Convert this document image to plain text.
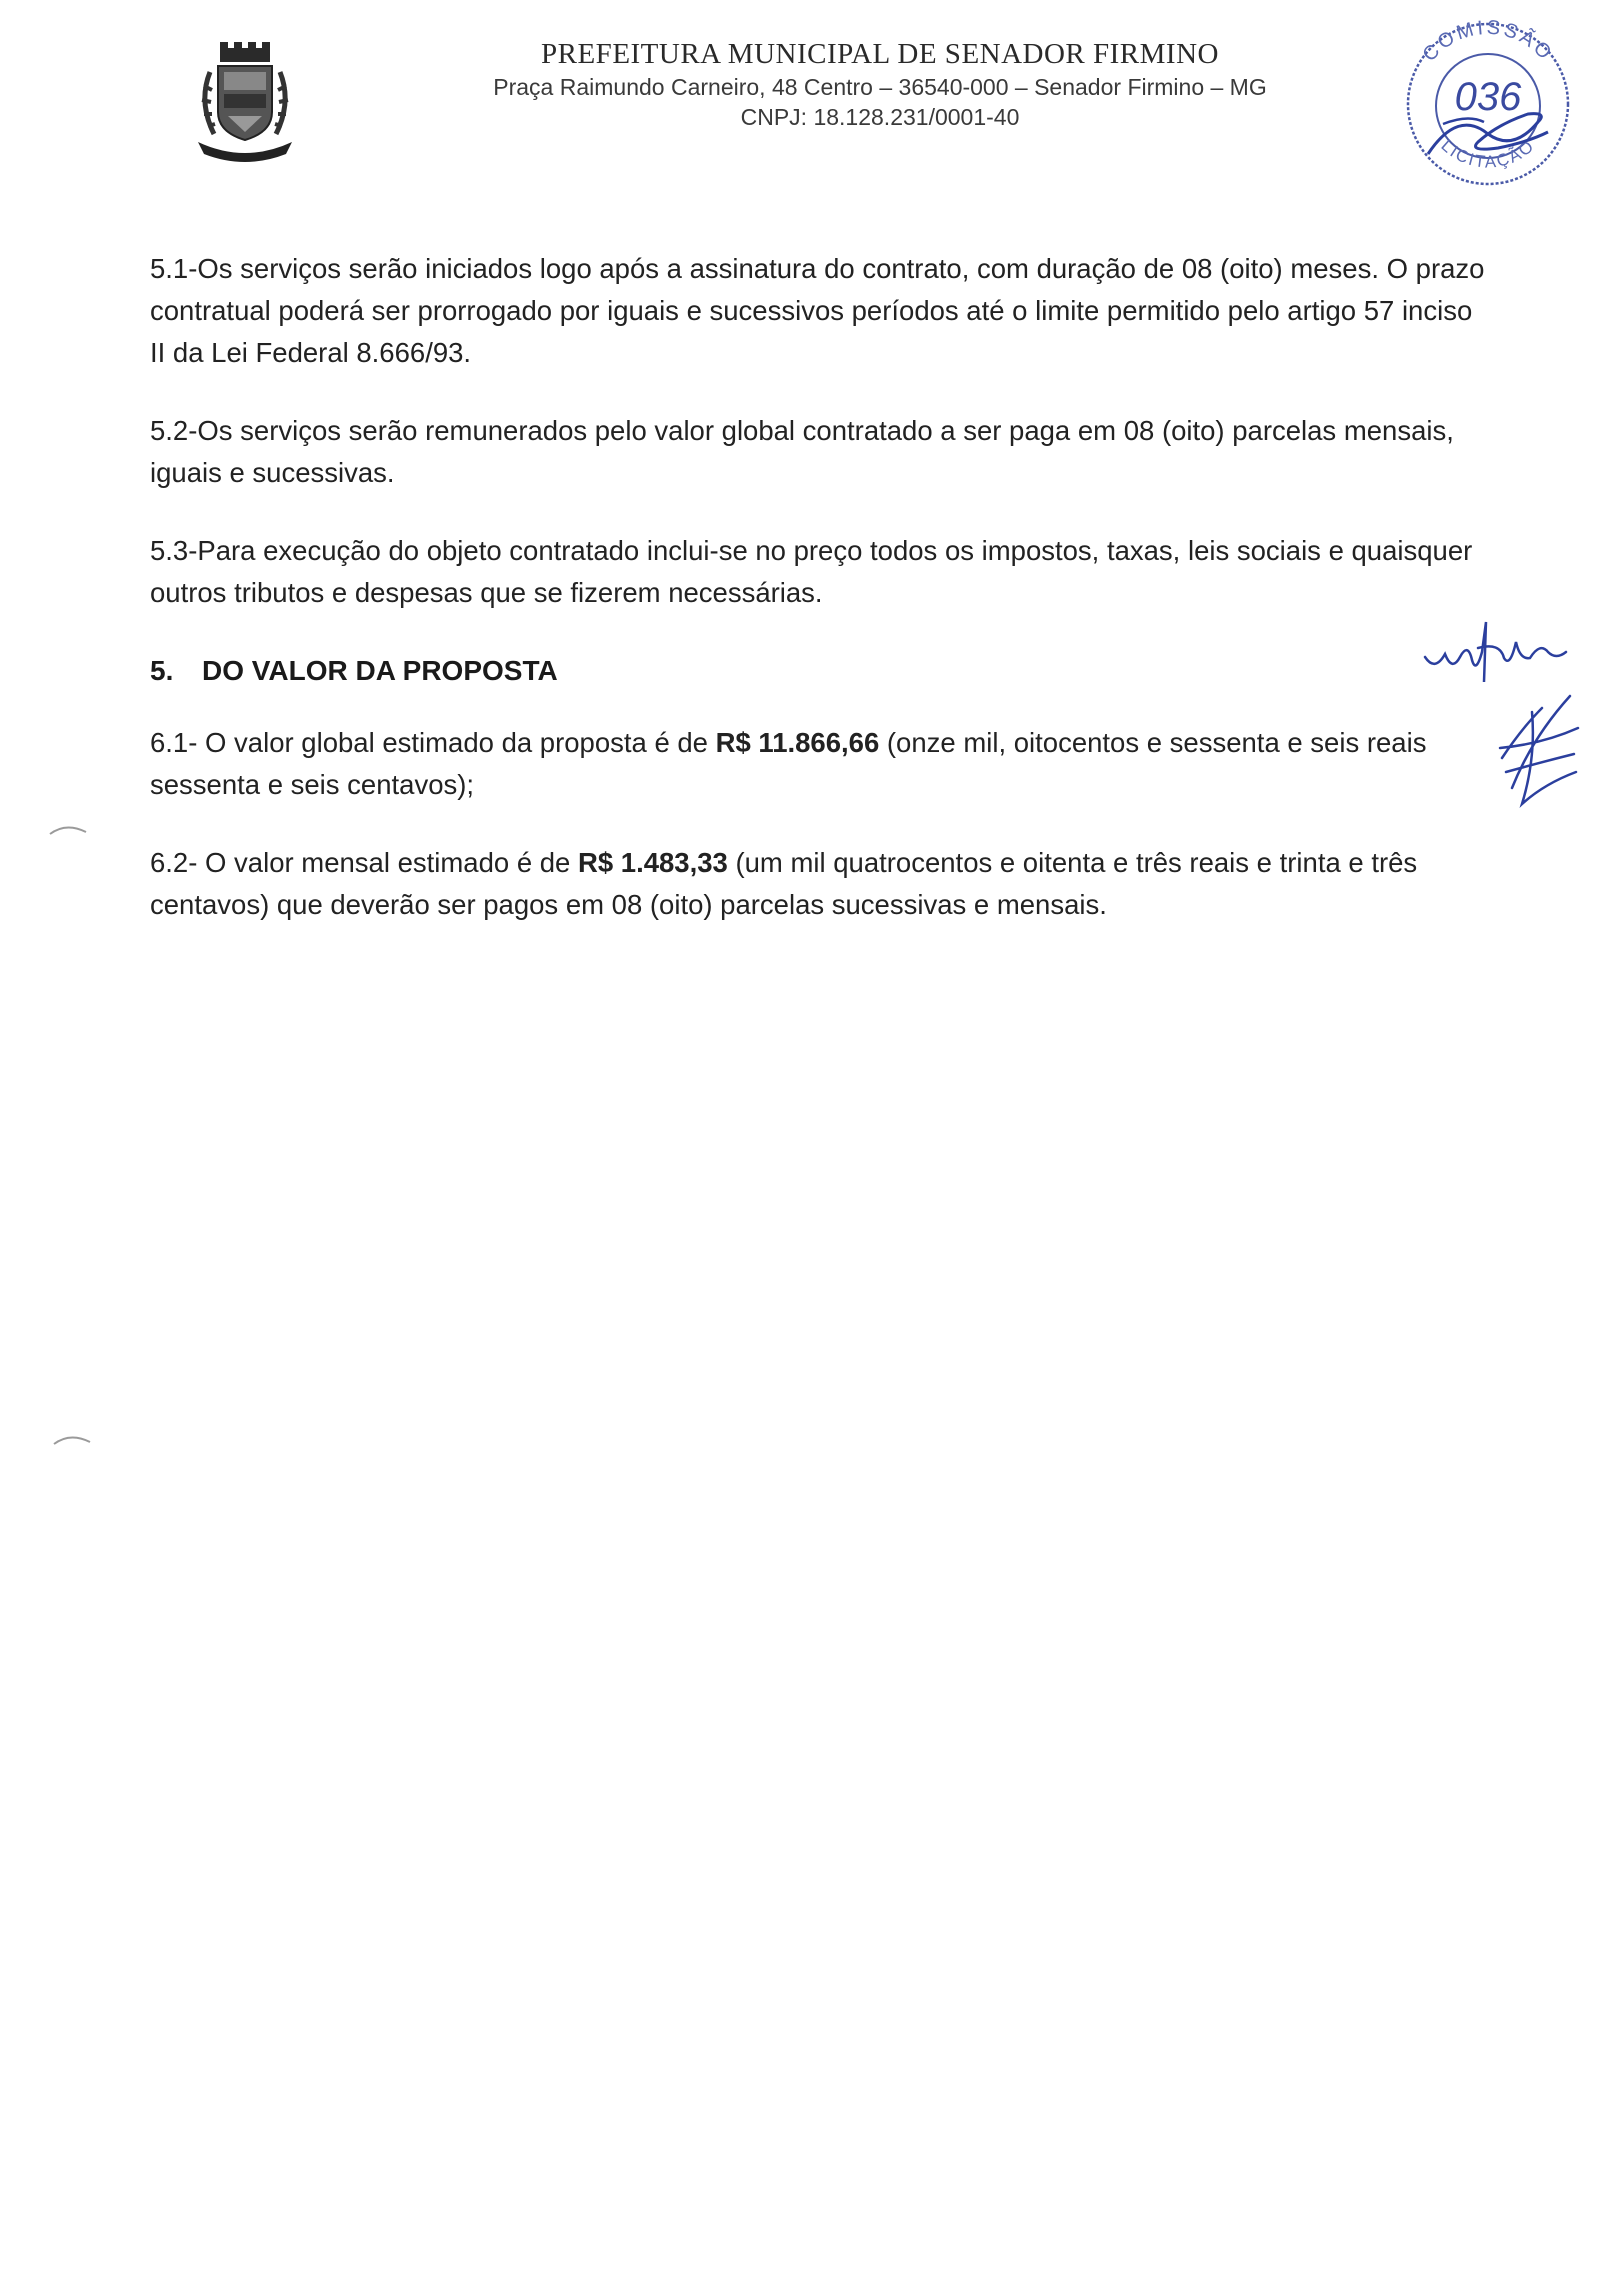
PREFEITURA MUNICIPAL DE SENADOR FIRMINO
Praça Raimundo Carneiro, 48 Centro – 36540-000 – Senador Firmino – MG
CNPJ: 18.128.231/0001-40
COMISSÃO
036
LICITAÇÃO

5.1-Os serviços serão iniciados logo após a assinatura do contrato, com duração de 08 (oito) meses. O prazo contratual poderá ser prorrogado por iguais e sucessivos períodos até o limite permitido pelo artigo 57 inciso II da Lei Federal 8.666/93.

5.2-Os serviços serão remunerados pelo valor global contratado a ser paga em 08 (oito) parcelas mensais, iguais e sucessivas.

5.3-Para execução do objeto contratado inclui-se no preço todos os impostos, taxas, leis sociais e quaisquer outros tributos e despesas que se fizerem necessárias.

5. DO VALOR DA PROPOSTA

6.1- O valor global estimado da proposta é de R$ 11.866,66 (onze mil, oitocentos e sessenta e seis reais sessenta e seis centavos);

6.2- O valor mensal estimado é de R$ 1.483,33 (um mil quatrocentos e oitenta e três reais e trinta e três centavos) que deverão ser pagos em 08 (oito) parcelas sucessivas e mensais.
